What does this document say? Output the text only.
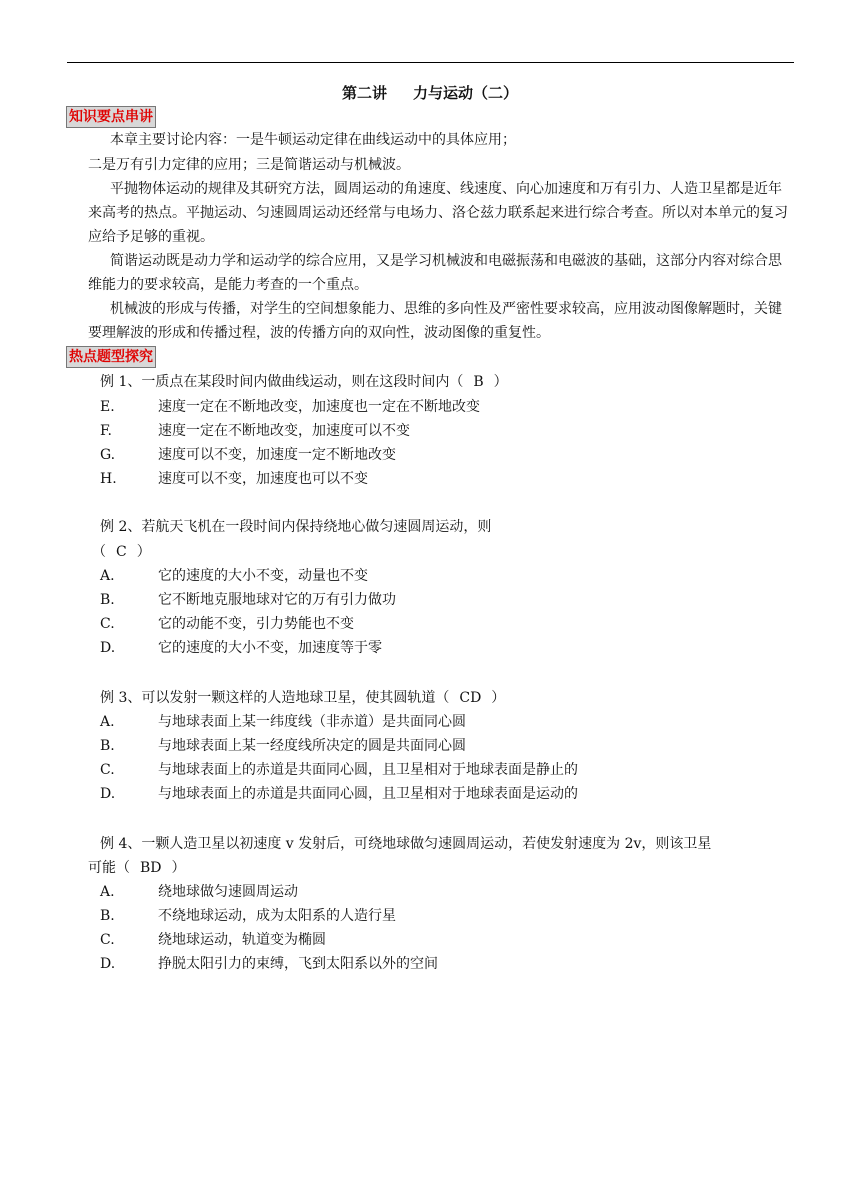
第二讲 力与运动（二）
知识要点串讲
本章主要讨论内容：一是牛顿运动定律在曲线运动中的具体应用；
二是万有引力定律的应用；三是简谐运动与机械波。
平抛物体运动的规律及其研究方法，圆周运动的角速度、线速度、向心加速度和万有引力、人造卫星都是近年来高考的热点。平抛运动、匀速圆周运动还经常与电场力、洛仑兹力联系起来进行综合考查。所以对本单元的复习应给予足够的重视。
简谐运动既是动力学和运动学的综合应用，又是学习机械波和电磁振荡和电磁波的基础，这部分内容对综合思维能力的要求较高，是能力考查的一个重点。
机械波的形成与传播，对学生的空间想象能力、思维的多向性及严密性要求较高，应用波动图像解题时，关键要理解波的形成和传播过程，波的传播方向的双向性，波动图像的重复性。
热点题型探究
例 1、一质点在某段时间内做曲线运动，则在这段时间内（ B ）
E.	速度一定在不断地改变，加速度也一定在不断地改变
F.	速度一定在不断地改变，加速度可以不变
G.	速度可以不变，加速度一定不断地改变
H.	速度可以不变，加速度也可以不变
例 2、若航天飞机在一段时间内保持绕地心做匀速圆周运动，则
（ C ）
A.	它的速度的大小不变，动量也不变
B.	它不断地克服地球对它的万有引力做功
C.	它的动能不变，引力势能也不变
D.	它的速度的大小不变，加速度等于零
例 3、可以发射一颗这样的人造地球卫星，使其圆轨道（ CD ）
A.	与地球表面上某一纬度线（非赤道）是共面同心圆
B.	与地球表面上某一经度线所决定的圆是共面同心圆
C.	与地球表面上的赤道是共面同心圆，且卫星相对于地球表面是静止的
D.	与地球表面上的赤道是共面同心圆，且卫星相对于地球表面是运动的
例 4、一颗人造卫星以初速度 v 发射后，可绕地球做匀速圆周运动，若使发射速度为 2v，则该卫星
可能（ BD ）
A.	绕地球做匀速圆周运动
B.	不绕地球运动，成为太阳系的人造行星
C.	绕地球运动，轨道变为椭圆
D.	挣脱太阳引力的束缚，飞到太阳系以外的空间
